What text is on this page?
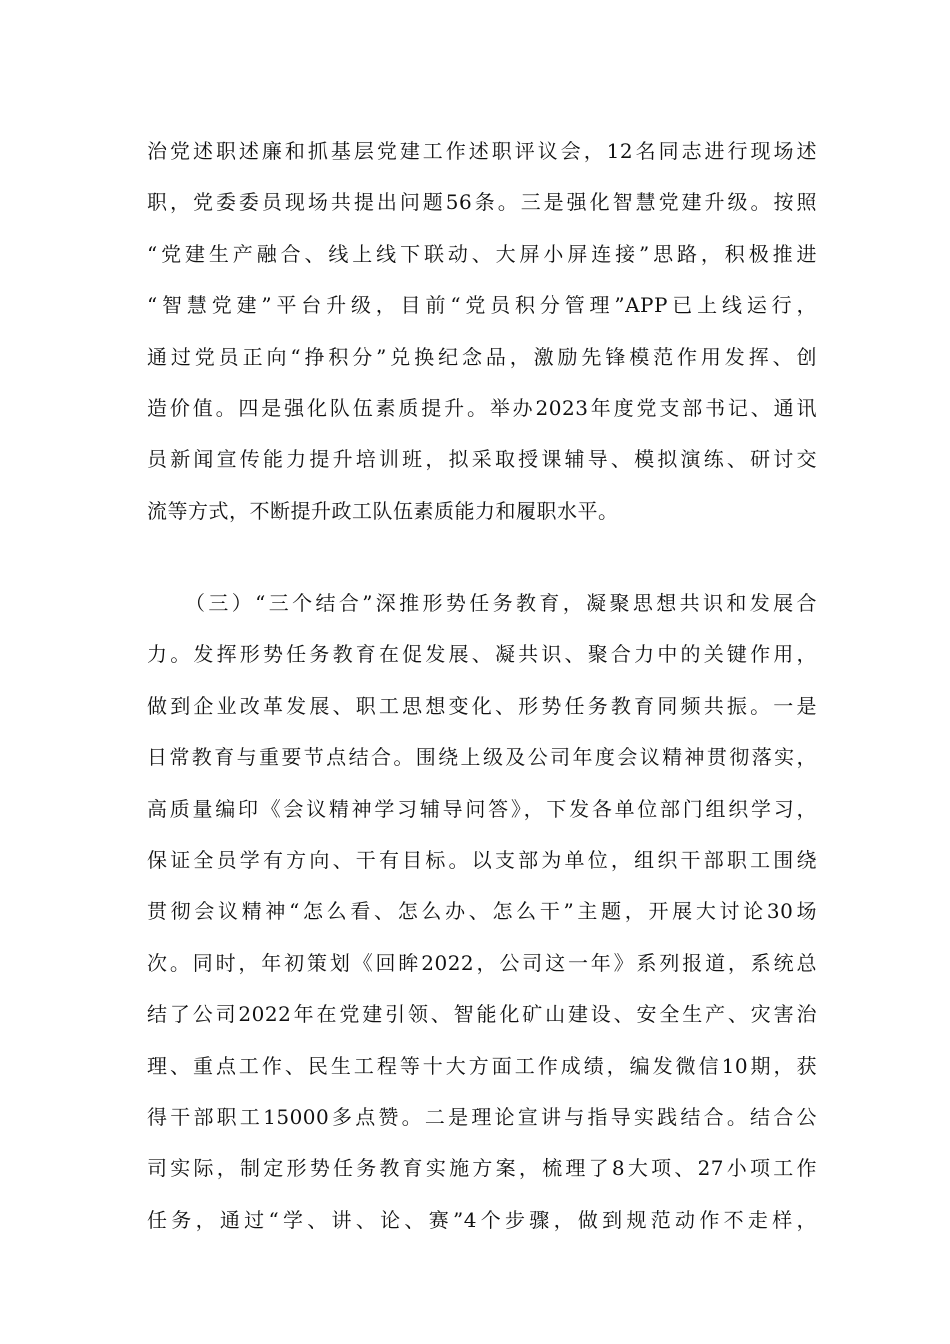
治党述职述廉和抓基层党建工作述职评议会，12名同志进行现场述
职，党委委员现场共提出问题56条。三是强化智慧党建升级。按照
“党建生产融合、线上线下联动、大屏小屏连接”思路，积极推进
“智慧党建”平台升级，目前“党员积分管理”APP已上线运行，
通过党员正向“挣积分”兑换纪念品，激励先锋模范作用发挥、创
造价值。四是强化队伍素质提升。举办2023年度党支部书记、通讯
员新闻宣传能力提升培训班，拟采取授课辅导、模拟演练、研讨交
流等方式，不断提升政工队伍素质能力和履职水平。
（三）“三个结合”深推形势任务教育，凝聚思想共识和发展合
力。发挥形势任务教育在促发展、凝共识、聚合力中的关键作用，
做到企业改革发展、职工思想变化、形势任务教育同频共振。一是
日常教育与重要节点结合。围绕上级及公司年度会议精神贯彻落实，
高质量编印《会议精神学习辅导问答》，下发各单位部门组织学习，
保证全员学有方向、干有目标。以支部为单位，组织干部职工围绕
贯彻会议精神“怎么看、怎么办、怎么干”主题，开展大讨论30场
次。同时，年初策划《回眸2022，公司这一年》系列报道，系统总
结了公司2022年在党建引领、智能化矿山建设、安全生产、灾害治
理、重点工作、民生工程等十大方面工作成绩，编发微信10期，获
得干部职工15000多点赞。二是理论宣讲与指导实践结合。结合公
司实际，制定形势任务教育实施方案，梳理了8大项、27小项工作
任务，通过“学、讲、论、赛”4个步骤，做到规范动作不走样，
